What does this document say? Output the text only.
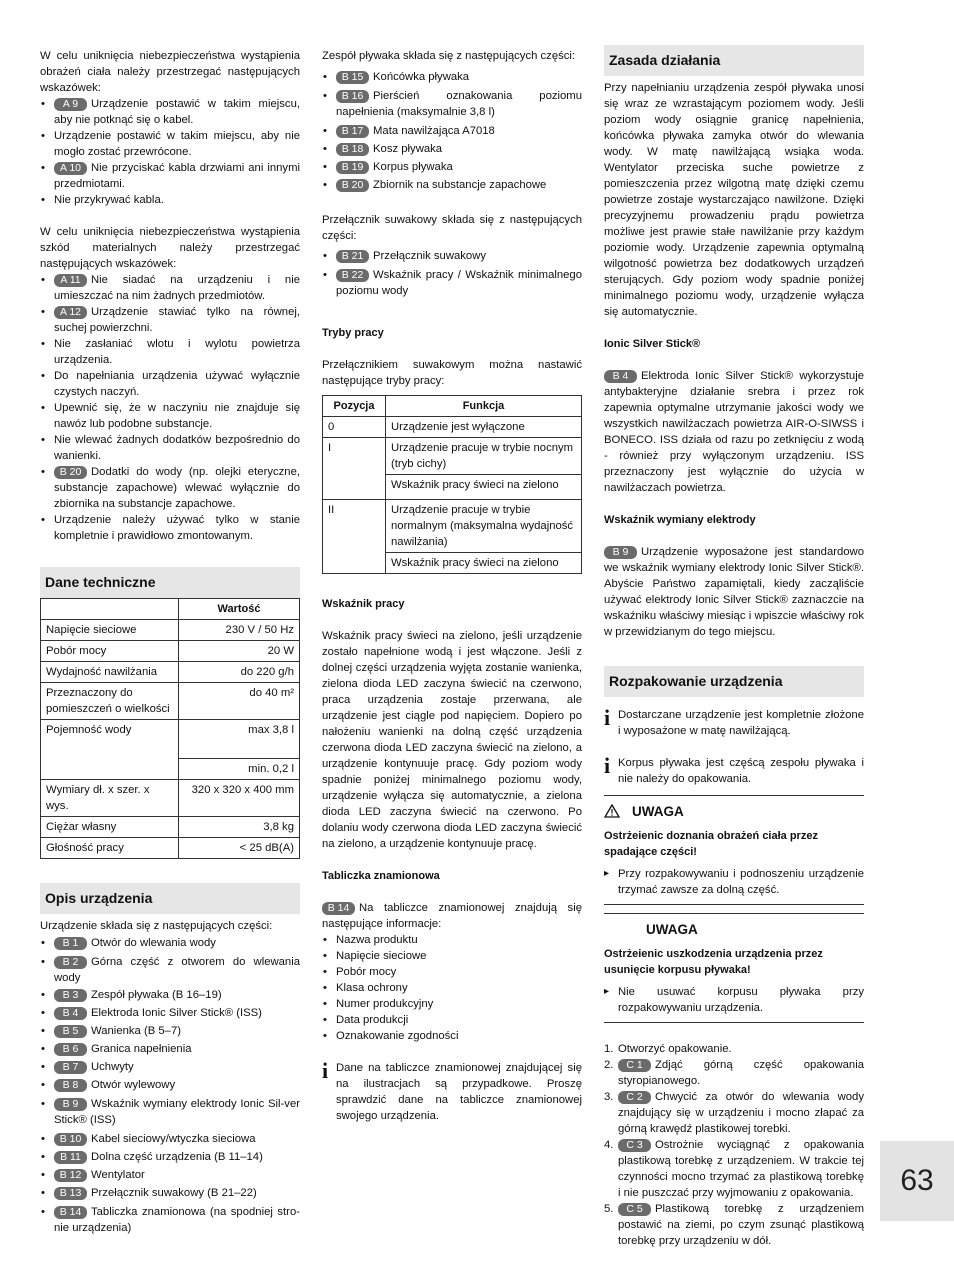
W celu uniknięcia niebezpieczeństwa wystąpienia obrażeń ciała należy przestrzegać następujących wskazówek:

• A 9 Urządzenie postawić w takim miejscu, aby nie potknąć się o kabel.
• Urządzenie postawić w takim miejscu, aby nie mogło zostać przewrócone.
• A 10 Nie przyciskać kabla drzwiami ani innymi przedmiotami.
• Nie przykrywać kabla.

W celu uniknięcia niebezpieczeństwa wystąpienia szkód materialnych należy przestrzegać następujących wskazówek:

• A 11 Nie siadać na urządzeniu i nie umieszczać na nim żadnych przedmiotów.
• A 12 Urządzenie stawiać tylko na równej, suchej powierzchni.
• Nie zasłaniać wlotu i wylotu powietrza urządzenia.
• Do napełniania urządzenia używać wyłącznie czystych naczyń.
• Upewnić się, że w naczyniu nie znajduje się nawóz lub podobne substancje.
• Nie wlewać żadnych dodatków bezpośrednio do wanienki.
• B 20 Dodatki do wody (np. olejki eteryczne, substancje zapachowe) wlewać wyłącznie do zbiornika na substancje zapachowe.
• Urządzenie należy używać tylko w stanie kompletnie i prawidłowo zmontowanym.
Dane techniczne
	Wartość
Napięcie sieciowe	230 V / 50 Hz
Pobór mocy	20 W
Wydajność nawilżania	do 220 g/h
Przeznaczony do pomieszczeń o wielkości	do 40 m²
Pojemność wody	max 3,8 l
	min. 0,2 l
Wymiary dł. x szer. x wys.	320 x 320 x 400 mm
Ciężar własny	3,8 kg
Głośność pracy	< 25 dB(A)
Opis urządzenia

Urządzenie składa się z następujących części:

• B 1 Otwór do wlewania wody
• B 2 Górna część z otworem do wlewania wody
• B 3 Zespół pływaka (B 16–19)
• B 4 Elektroda Ionic Silver Stick® (ISS)
• B 5 Wanienka (B 5–7)
• B 6 Granica napełnienia
• B 7 Uchwyty
• B 8 Otwór wylewowy
• B 9 Wskaźnik wymiany elektrody Ionic Sil-ver Stick® (ISS)
• B 10 Kabel sieciowy/wtyczka sieciowa
• B 11 Dolna część urządzenia (B 11–14)
• B 12 Wentylator
• B 13 Przełącznik suwakowy (B 21–22)
• B 14 Tabliczka znamionowa (na spodniej stro-nie urządzenia)

Zespół pływaka składa się z następujących części:

• B 15 Końcówka pływaka
• B 16 Pierścień oznakowania poziomu napełnienia (maksymalnie 3,8 l)
• B 17 Mata nawilżająca A7018
• B 18 Kosz pływaka
• B 19 Korpus pływaka
• B 20 Zbiornik na substancje zapachowe

Przełącznik suwakowy składa się z następujących części:

• B 21 Przełącznik suwakowy
• B 22 Wskaźnik pracy / Wskaźnik minimalnego poziomu wody
Tryby pracy

Przełącznikiem suwakowym można nastawić następujące tryby pracy:

Pozycja	Funkcja
0	Urządzenie jest wyłączone
I	Urządzenie pracuje w trybie nocnym (tryb cichy)
	Wskaźnik pracy świeci na zielono
II	Urządzenie pracuje w trybie normalnym (maksymalna wydajność nawilżania)
	Wskaźnik pracy świeci na zielono
Wskaźnik pracy

Wskaźnik pracy świeci na zielono, jeśli urządzenie zostało napełnione wodą i jest włączone. Jeśli z dolnej części urządzenia wyjęta zostanie wanienka, zielona dioda LED zaczyna świecić na czerwono, praca urządzenia zostaje przerwana, ale urządzenie jest ciągle pod napięciem. Dopiero po nałożeniu wanienki na dolną część urządzenia czerwona dioda LED zaczyna świecić na zielono, a urządzenie kontynuuje pracę. Gdy poziom wody spadnie poniżej minimalnego poziomu wody, urządzenie wyłącza się automatycznie, a zielona dioda LED zaczyna świecić na czerwono. Po dolaniu wody czerwona dioda LED zaczyna świecić na zielono, a urządzenie kontynuuje pracę.

Tabliczka znamionowa

B 14 Na tabliczce znamionowej znajdują się następujące informacje:

• Nazwa produktu
• Napięcie sieciowe
• Pobór mocy
• Klasa ochrony
• Numer produkcyjny
• Data produkcji
• Oznakowanie zgodności
i Dane na tabliczce znamionowej znajdującej się na ilustracjach są przypadkowe. Proszę sprawdzić dane na tabliczce znamionowej swojego urządzenia.

Zasada działania

Przy napełnianiu urządzenia zespół pływaka unosi się wraz ze wzrastającym poziomem wody. Jeśli poziom wody osiągnie granicę napełnienia, końcówka pływaka zamyka otwór do wlewania wody. W matę nawilżającą wsiąka woda. Wentylator przeciska suche powietrze z pomieszczenia przez wilgotną matę dzięki czemu powietrze zostaje wystarczająco nawilżone. Dzięki precyzyjnemu prowadzeniu prądu powietrza możliwe jest prawie stałe nawilżanie przy każdym poziomie wody. Urządzenie zapewnia optymalną wilgotność powietrza bez dodatkowych urządzeń sterujących. Gdy poziom wody spadnie poniżej minimalnego poziomu wody, urządzenie wyłącza się automatycznie.

Ionic Silver Stick®

B 4 Elektroda Ionic Silver Stick® wykorzystuje antybakteryjne działanie srebra i przez rok zapewnia optymalne utrzymanie jakości wody we wszystkich nawilżaczach powietrza AIR-O-SIWSS i BONECO. ISS działa od razu po zetknięciu z wodą - również przy wyłączonym urządzeniu. ISS przeznaczony jest wyłącznie do użycia w nawilżaczach powietrza.

Wskaźnik wymiany elektrody

B 9 Urządzenie wyposażone jest standardowo we wskaźnik wymiany elektrody Ionic Silver Stick®. Abyście Państwo zapamiętali, kiedy zacząliście używać elektrody Ionic Silver Stick® zaznaczcie na wskaźniku właściwy miesiąc i wpiszcie właściwy rok w przewidzianym do tego miejscu.

Rozpakowanie urządzenia
i Dostarczane urządzenie jest kompletnie złożone i wyposażone w matę nawilżającą.

i Korpus pływaka jest częścą zespołu pływaka i nie należy do opakowania.

UWAGA
Ostrżeienic doznania obrażeń ciała przez spadające części!
▸ Przy rozpakowywaniu i podnoszeniu urządzenie trzymać zawsze za dolną część.
UWAGA
Ostrżeienic uszkodzenia urządzenia przez usunięcie korpusu pływaka!
▸ Nie usuwać korpusu pływaka przy rozpakowywaniu urządzenia.
1. Otworzyć opakowanie.
2. C 1 Zdjąć górną część opakowania styropianowego.
3. C 2 Chwycić za otwór do wlewania wody znajdujący się w urządzeniu i mocno złapać za górną krawędź plastikowej torebki.
4. C 3 Ostrożnie wyciągnąć z opakowania plastikową torebkę z urządzeniem. W trakcie tej czynności mocno trzymać za plastikową torebkę i nie puszczać przy wyjmowaniu z opakowania.
5. C 5 Plastikową torebkę z urządzeniem postawić na ziemi, po czym zsunąć plastikową torebkę przy urządzeniu w dół.
63
